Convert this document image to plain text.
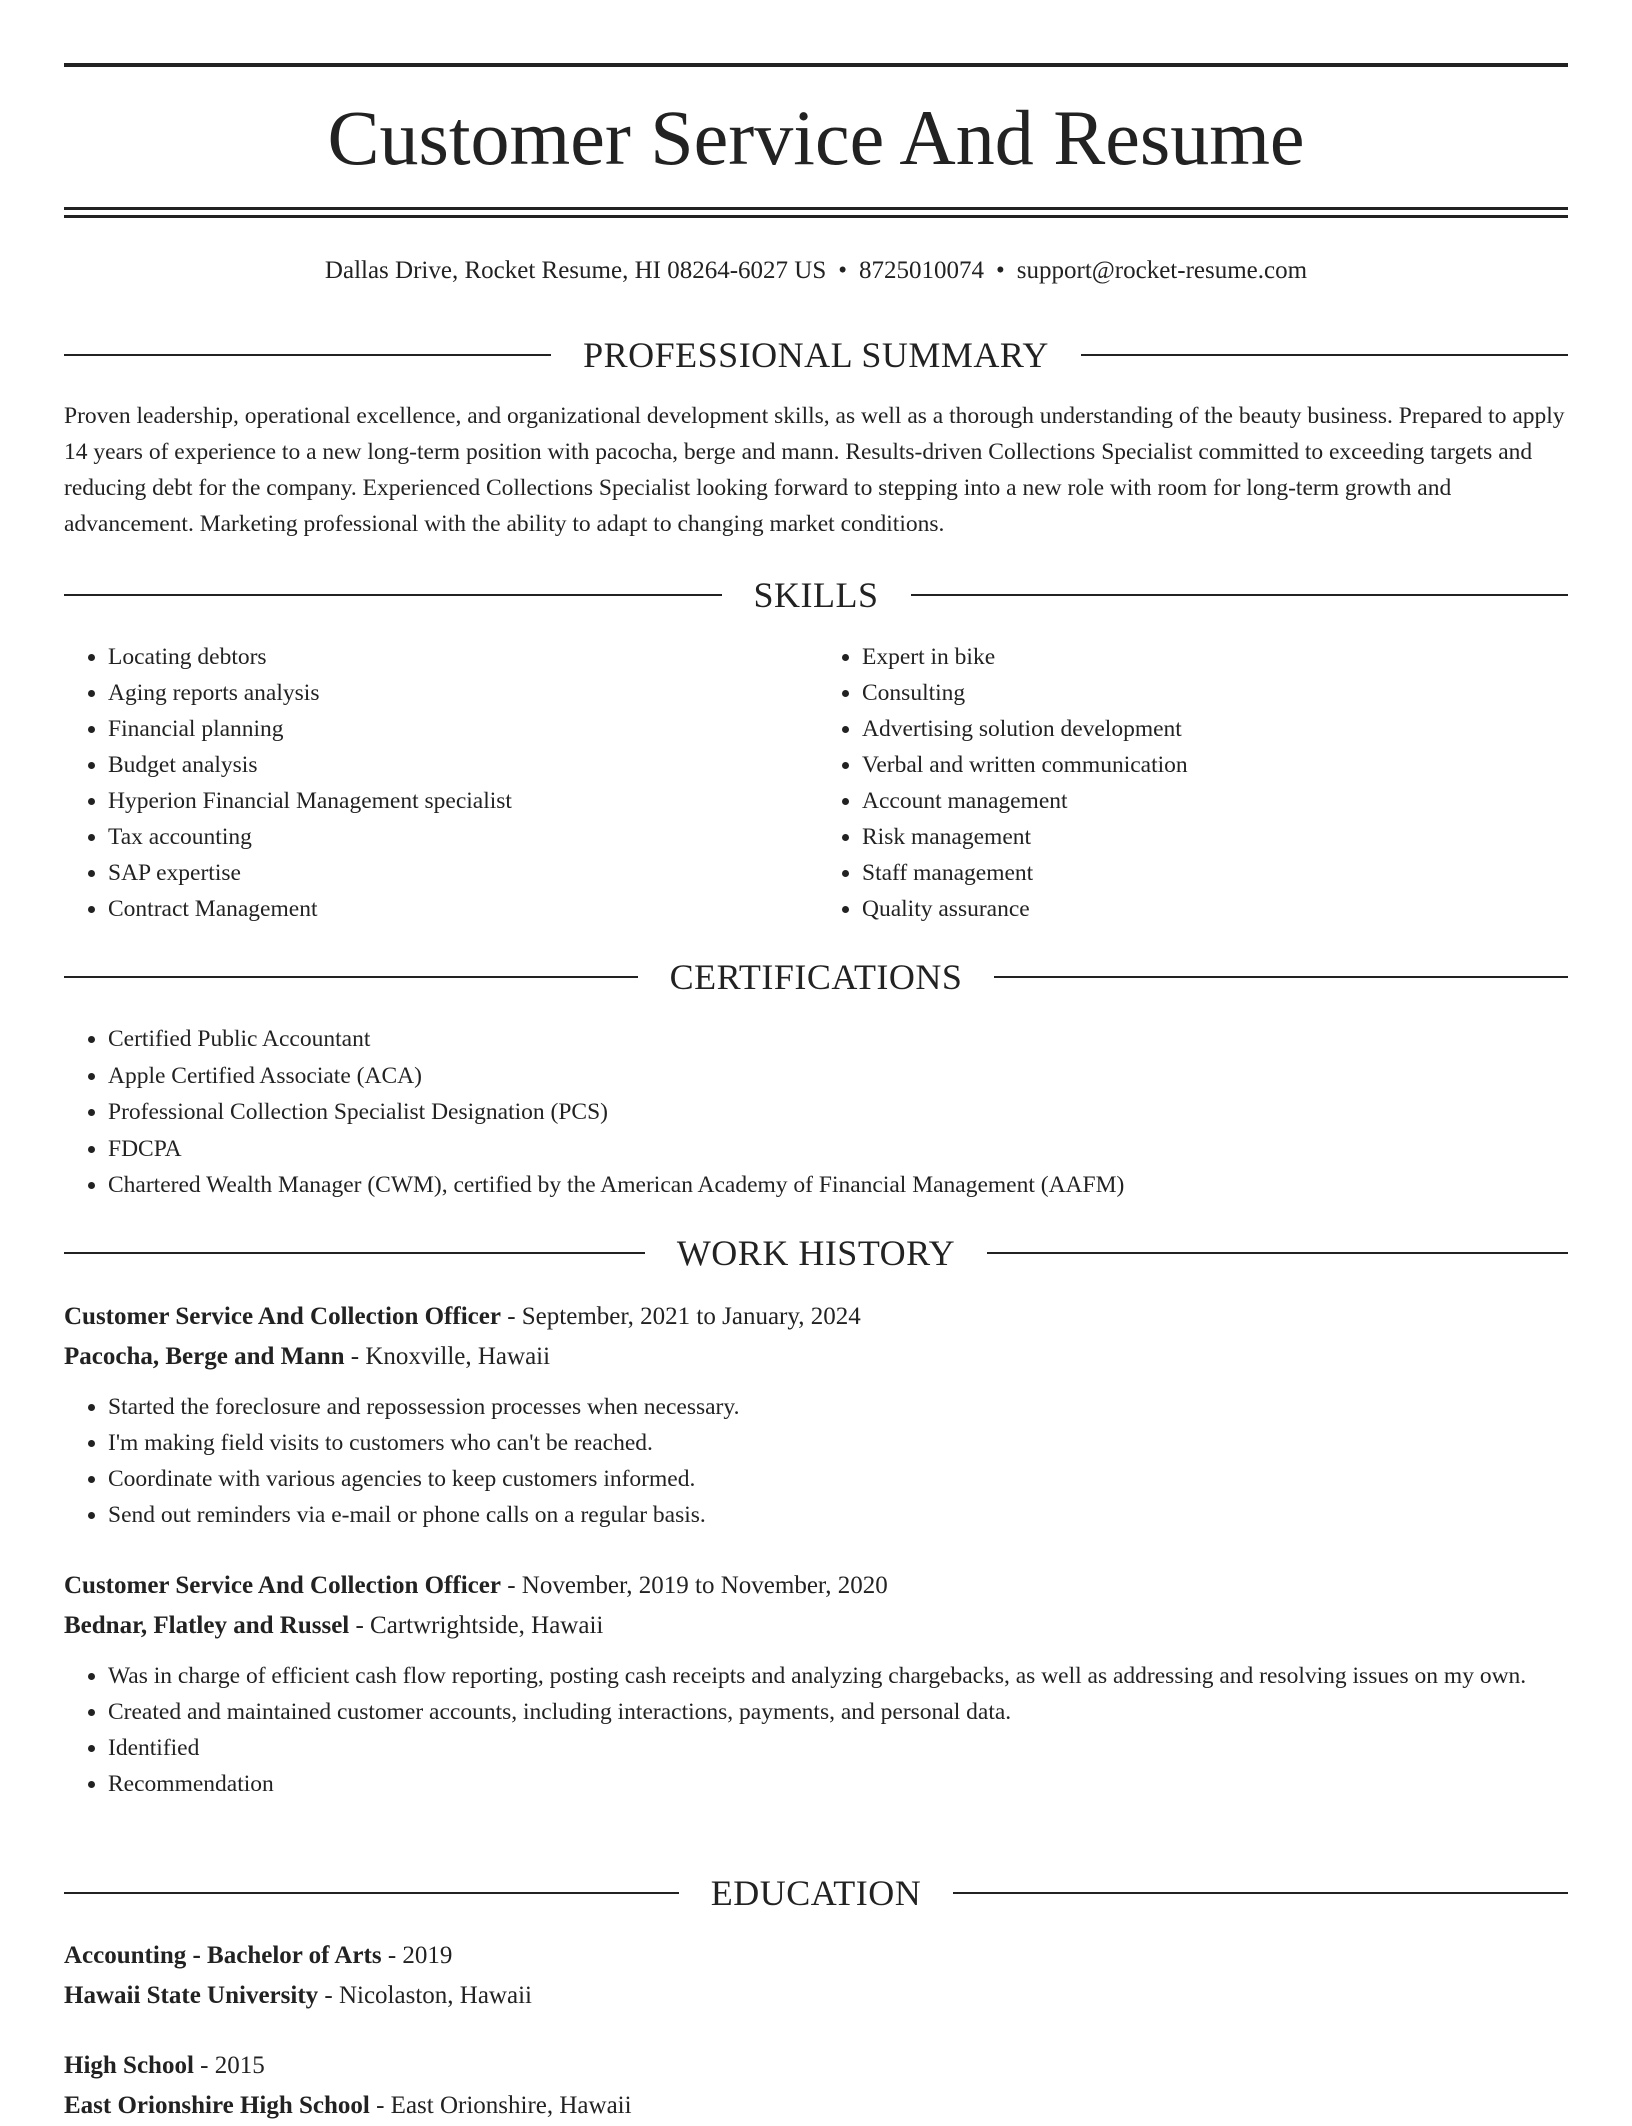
Customer Service And Resume
Dallas Drive, Rocket Resume, HI 08264-6027 US • 8725010074 • support@rocket-resume.com
PROFESSIONAL SUMMARY

Proven leadership, operational excellence, and organizational development skills, as well as a thorough understanding of the beauty business. Prepared to apply 14 years of experience to a new long-term position with pacocha, berge and mann. Results-driven Collections Specialist committed to exceeding targets and reducing debt for the company. Experienced Collections Specialist looking forward to stepping into a new role with room for long-term growth and advancement. Marketing professional with the ability to adapt to changing market conditions.

SKILLS
• Locating debtors
• Aging reports analysis
• Financial planning
• Budget analysis
• Hyperion Financial Management specialist
• Tax accounting
• SAP expertise
• Contract Management
• Expert in bike
• Consulting
• Advertising solution development
• Verbal and written communication
• Account management
• Risk management
• Staff management
• Quality assurance
CERTIFICATIONS
• Certified Public Accountant
• Apple Certified Associate (ACA)
• Professional Collection Specialist Designation (PCS)
• FDCPA
• Chartered Wealth Manager (CWM), certified by the American Academy of Financial Management (AAFM)
WORK HISTORY

Customer Service And Collection Officer - September, 2021 to January, 2024

Pacocha, Berge and Mann - Knoxville, Hawaii

• Started the foreclosure and repossession processes when necessary.
• I'm making field visits to customers who can't be reached.
• Coordinate with various agencies to keep customers informed.
• Send out reminders via e-mail or phone calls on a regular basis.

Customer Service And Collection Officer - November, 2019 to November, 2020

Bednar, Flatley and Russel - Cartwrightside, Hawaii

• Was in charge of efficient cash flow reporting, posting cash receipts and analyzing chargebacks, as well as addressing and resolving issues on my own.
• Created and maintained customer accounts, including interactions, payments, and personal data.
• Identified
• Recommendation
EDUCATION

Accounting - Bachelor of Arts - 2019

Hawaii State University - Nicolaston, Hawaii

High School - 2015

East Orionshire High School - East Orionshire, Hawaii
